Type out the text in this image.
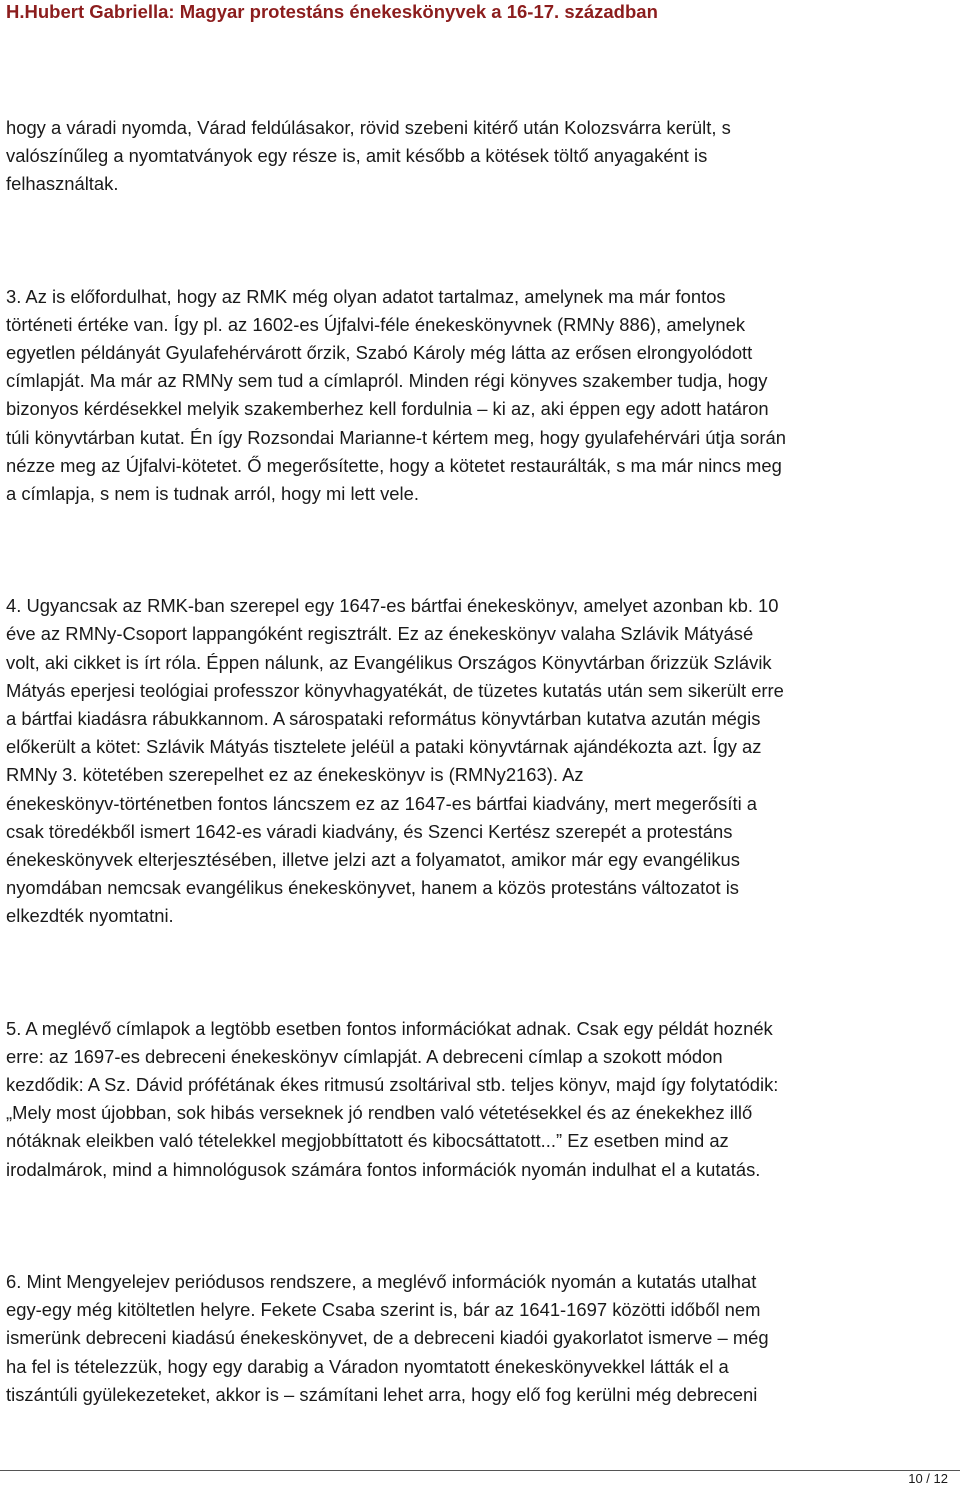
H.Hubert Gabriella: Magyar protestáns énekeskönyvek a 16-17. században

hogy a váradi nyomda, Várad feldúlásakor, rövid szebeni kitérő után Kolozsvárra került, s
valószínűleg a nyomtatványok egy része is, amit később a kötések töltő anyagaként is
felhasználtak.

3. Az is előfordulhat, hogy az RMK még olyan adatot tartalmaz, amelynek ma már fontos
történeti értéke van. Így pl. az 1602-es Újfalvi-féle énekeskönyvnek (RMNy 886), amelynek
egyetlen példányát Gyulafehérvárott őrzik, Szabó Károly még látta az erősen elrongyolódott
címlapját. Ma már az RMNy sem tud a címlapról. Minden régi könyves szakember tudja, hogy
bizonyos kérdésekkel melyik szakemberhez kell fordulnia – ki az, aki éppen egy adott határon
túli könyvtárban kutat. Én így Rozsondai Marianne-t kértem meg, hogy gyulafehérvári útja során
nézze meg az Újfalvi-kötetet. Ő megerősítette, hogy a kötetet restaurálták, s ma már nincs meg
a címlapja, s nem is tudnak arról, hogy mi lett vele.

4. Ugyancsak az RMK-ban szerepel egy 1647-es bártfai énekeskönyv, amelyet azonban kb. 10
éve az RMNy-Csoport lappangóként regisztrált. Ez az énekeskönyv valaha Szlávik Mátyásé
volt, aki cikket is írt róla. Éppen nálunk, az Evangélikus Országos Könyvtárban őrizzük Szlávik
Mátyás eperjesi teológiai professzor könyvhagyatékát, de tüzetes kutatás után sem sikerült erre
a bártfai kiadásra rábukkannom. A sárospataki református könyvtárban kutatva azután mégis
előkerült a kötet: Szlávik Mátyás tisztelete jeléül a pataki könyvtárnak ajándékozta azt. Így az
RMNy 3. kötetében szerepelhet ez az énekeskönyv is (RMNy2163). Az
énekeskönyv-történetben fontos láncszem ez az 1647-es bártfai kiadvány, mert megerősíti a
csak töredékből ismert 1642-es váradi kiadvány, és Szenci Kertész szerepét a protestáns
énekeskönyvek elterjesztésében, illetve jelzi azt a folyamatot, amikor már egy evangélikus
nyomdában nemcsak evangélikus énekeskönyvet, hanem a közös protestáns változatot is
elkezdték nyomtatni.

5. A meglévő címlapok a legtöbb esetben fontos információkat adnak. Csak egy példát hoznék
erre: az 1697-es debreceni énekeskönyv címlapját. A debreceni címlap a szokott módon
kezdődik: A Sz. Dávid prófétának ékes ritmusú zsoltárival stb. teljes könyv, majd így folytatódik:
„Mely most újobban, sok hibás verseknek jó rendben való vétetésekkel és az énekekhez illő
nótáknak eleikben való tételekkel megjobbíttatott és kibocsáttatott...” Ez esetben mind az
irodalmárok, mind a himnológusok számára fontos információk nyomán indulhat el a kutatás.

6. Mint Mengyelejev periódusos rendszere, a meglévő információk nyomán a kutatás utalhat
egy-egy még kitöltetlen helyre. Fekete Csaba szerint is, bár az 1641-1697 közötti időből nem
ismerünk debreceni kiadású énekeskönyvet, de a debreceni kiadói gyakorlatot ismerve – még
ha fel is tételezzük, hogy egy darabig a Váradon nyomtatott énekeskönyvekkel látták el a
tiszántúli gyülekezeteket, akkor is – számítani lehet arra, hogy elő fog kerülni még debreceni

10 / 12
